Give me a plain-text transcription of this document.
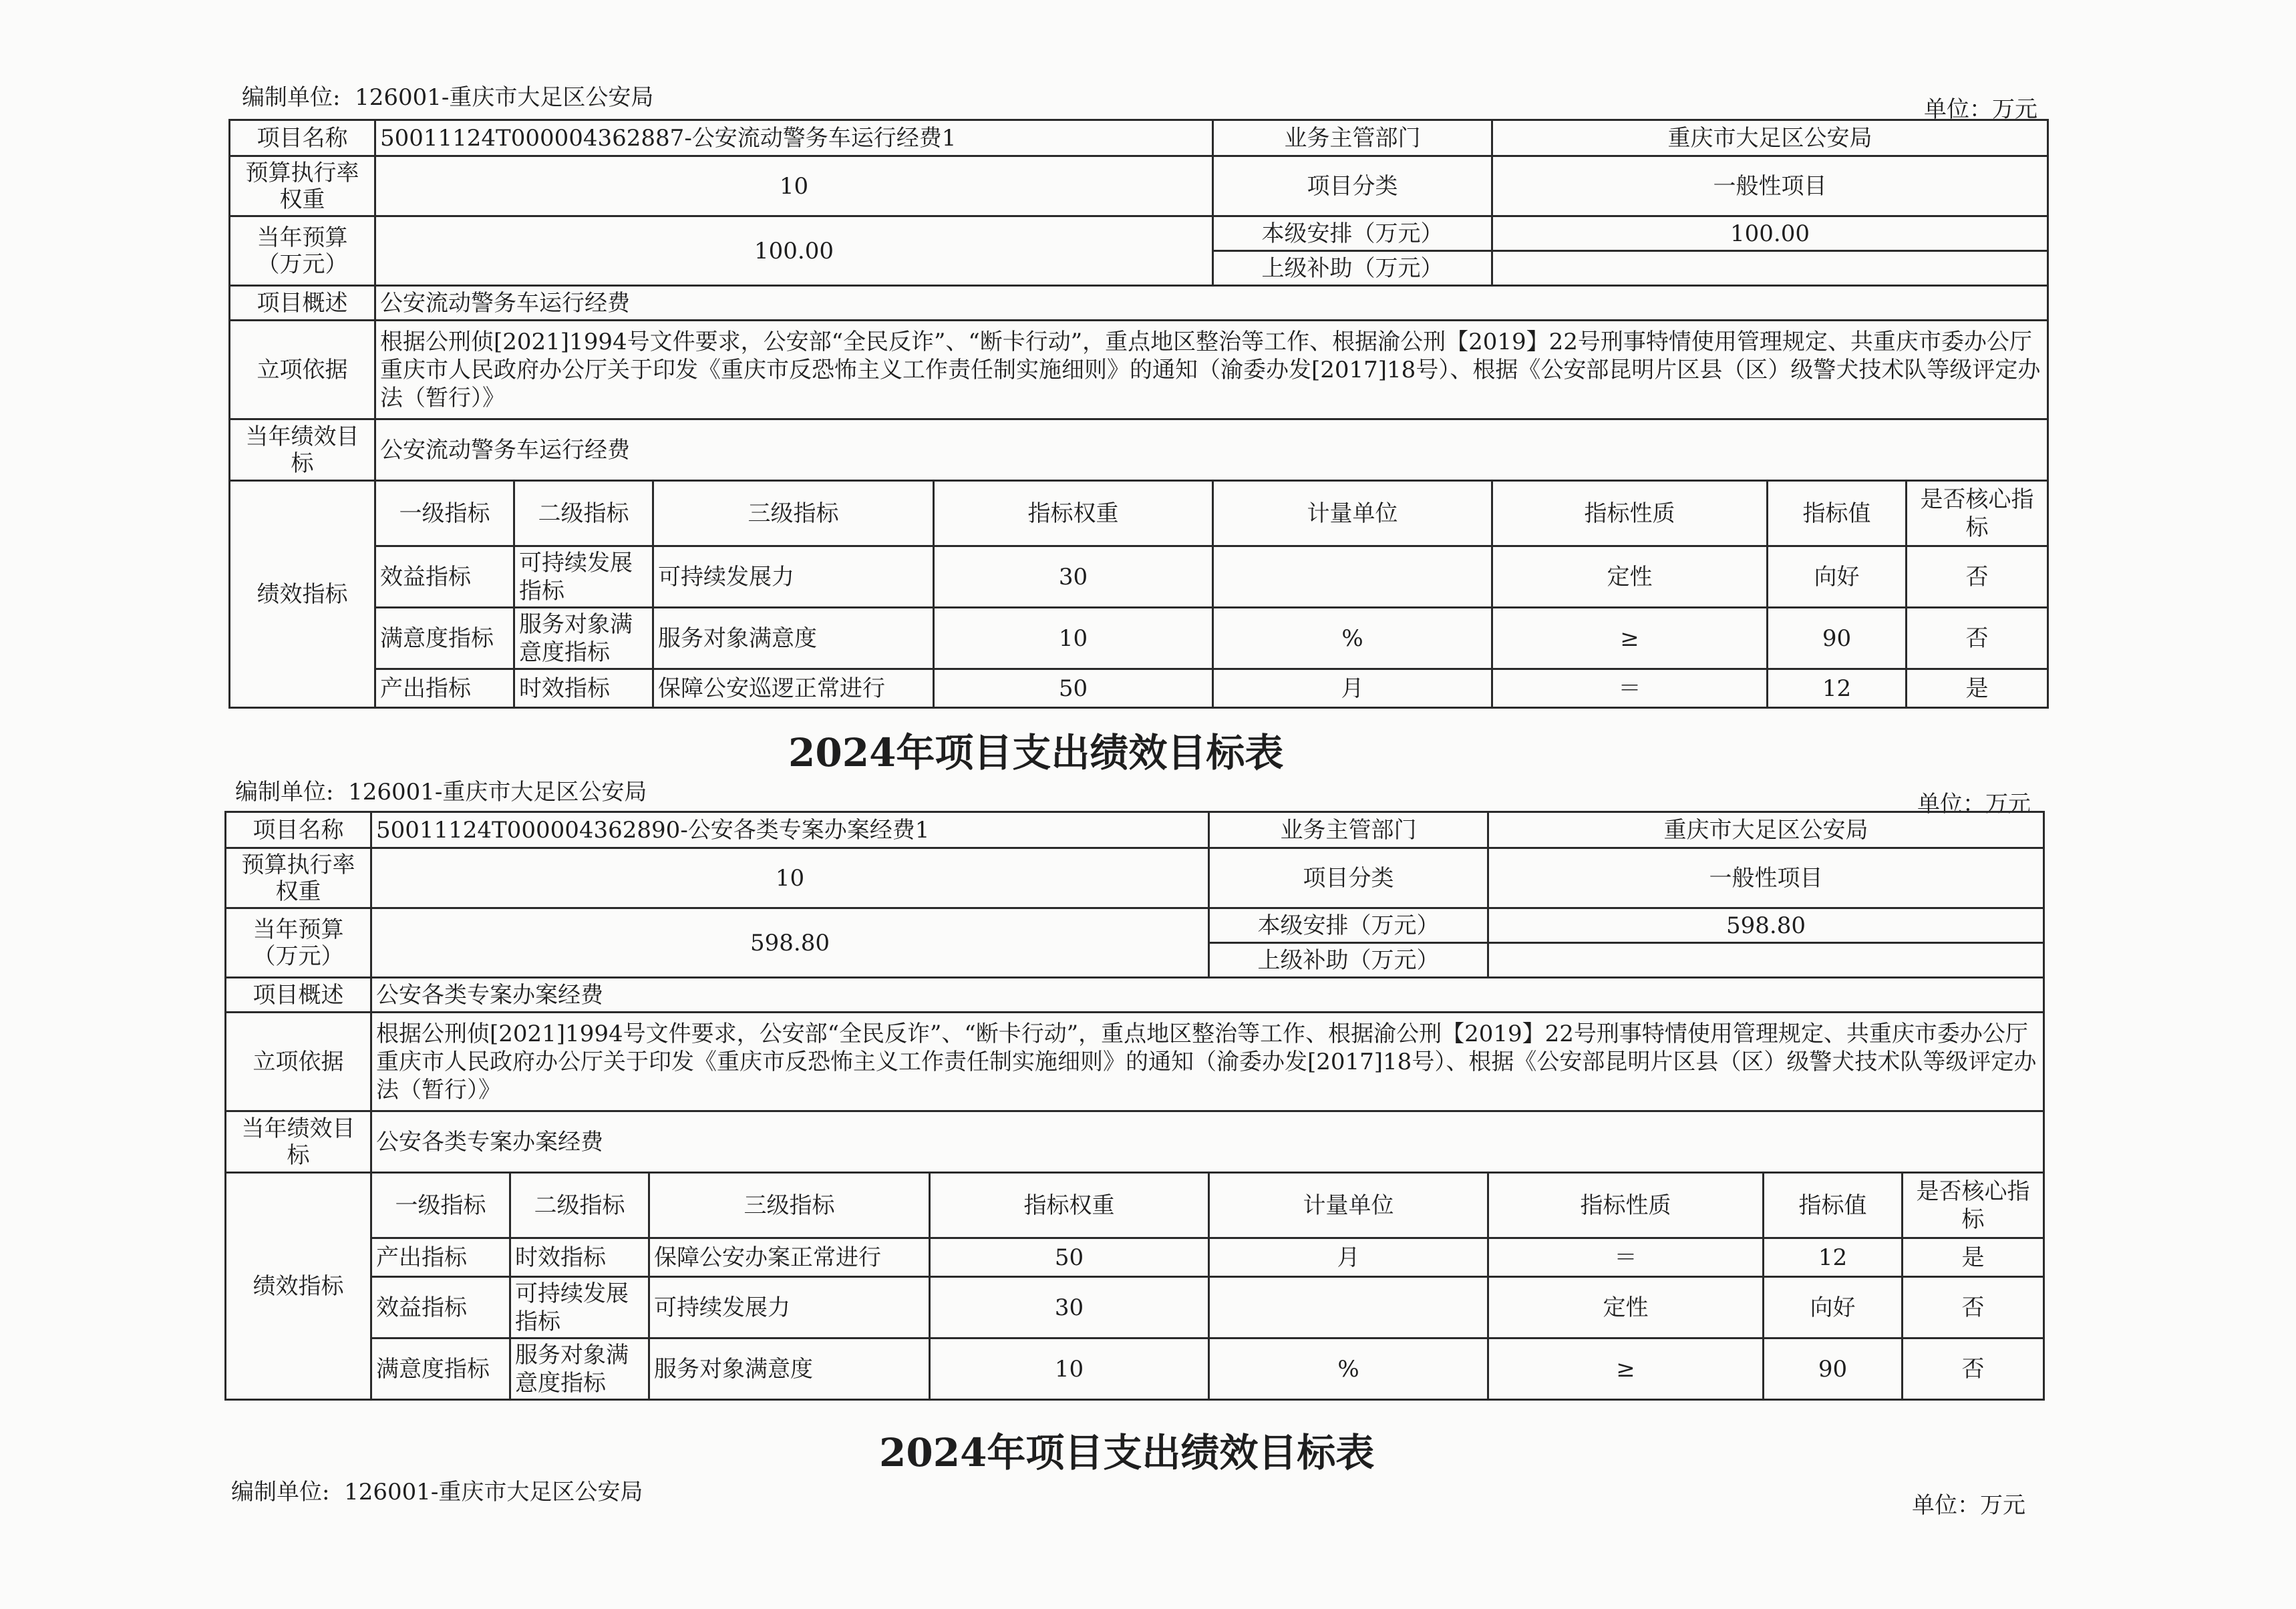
编制单位: 126001-重庆市大足区公安局	单位：万元
项目名称	50011124T000004362887-公安流动警务车运行经费1				业务主管部门	重庆市大足区公安局		
预算执行率权重	10				项目分类	一般性项目		
当年预算（万元）	100.00				本级安排（万元）	100.00		
					上级补助（万元）			
项目概述	公安流动警务车运行经费							
立项依据	根据公刑侦[2021]1994号文件要求，公安部“全民反诈”、“断卡行动”，重点地区整治等工作、根据渝公刑【2019】22号刑事特情使用管理规定、共重庆市委办公厅重庆市人民政府办公厅关于印发《重庆市反恐怖主义工作责任制实施细则》的通知（渝委办发[2017]18号）、根据《公安部昆明片区县（区）级警犬技术队等级评定办法（暂行）》							
当年绩效目标	公安流动警务车运行经费							
绩效指标	一级指标	二级指标	三级指标	指标权重	计量单位	指标性质	指标值	是否核心指标
	效益指标	可持续发展指标	可持续发展力	30		定性	向好	否
	满意度指标	服务对象满意度指标	服务对象满意度	10	%	≥	90	否
	产出指标	时效指标	保障公安巡逻正常进行	50	月	＝	12	是
2024年项目支出绩效目标表
编制单位: 126001-重庆市大足区公安局	单位：万元
项目名称	50011124T000004362890-公安各类专案办案经费1				业务主管部门	重庆市大足区公安局		
预算执行率权重	10				项目分类	一般性项目		
当年预算（万元）	598.80				本级安排（万元）	598.80		
					上级补助（万元）			
项目概述	公安各类专案办案经费							
立项依据	根据公刑侦[2021]1994号文件要求，公安部“全民反诈”、“断卡行动”，重点地区整治等工作、根据渝公刑【2019】22号刑事特情使用管理规定、共重庆市委办公厅重庆市人民政府办公厅关于印发《重庆市反恐怖主义工作责任制实施细则》的通知（渝委办发[2017]18号）、根据《公安部昆明片区县（区）级警犬技术队等级评定办法（暂行）》							
当年绩效目标	公安各类专案办案经费							
绩效指标	一级指标	二级指标	三级指标	指标权重	计量单位	指标性质	指标值	是否核心指标
	产出指标	时效指标	保障公安办案正常进行	50	月	＝	12	是
	效益指标	可持续发展指标	可持续发展力	30		定性	向好	否
	满意度指标	服务对象满意度指标	服务对象满意度	10	%	≥	90	否
2024年项目支出绩效目标表
编制单位: 126001-重庆市大足区公安局	单位：万元
